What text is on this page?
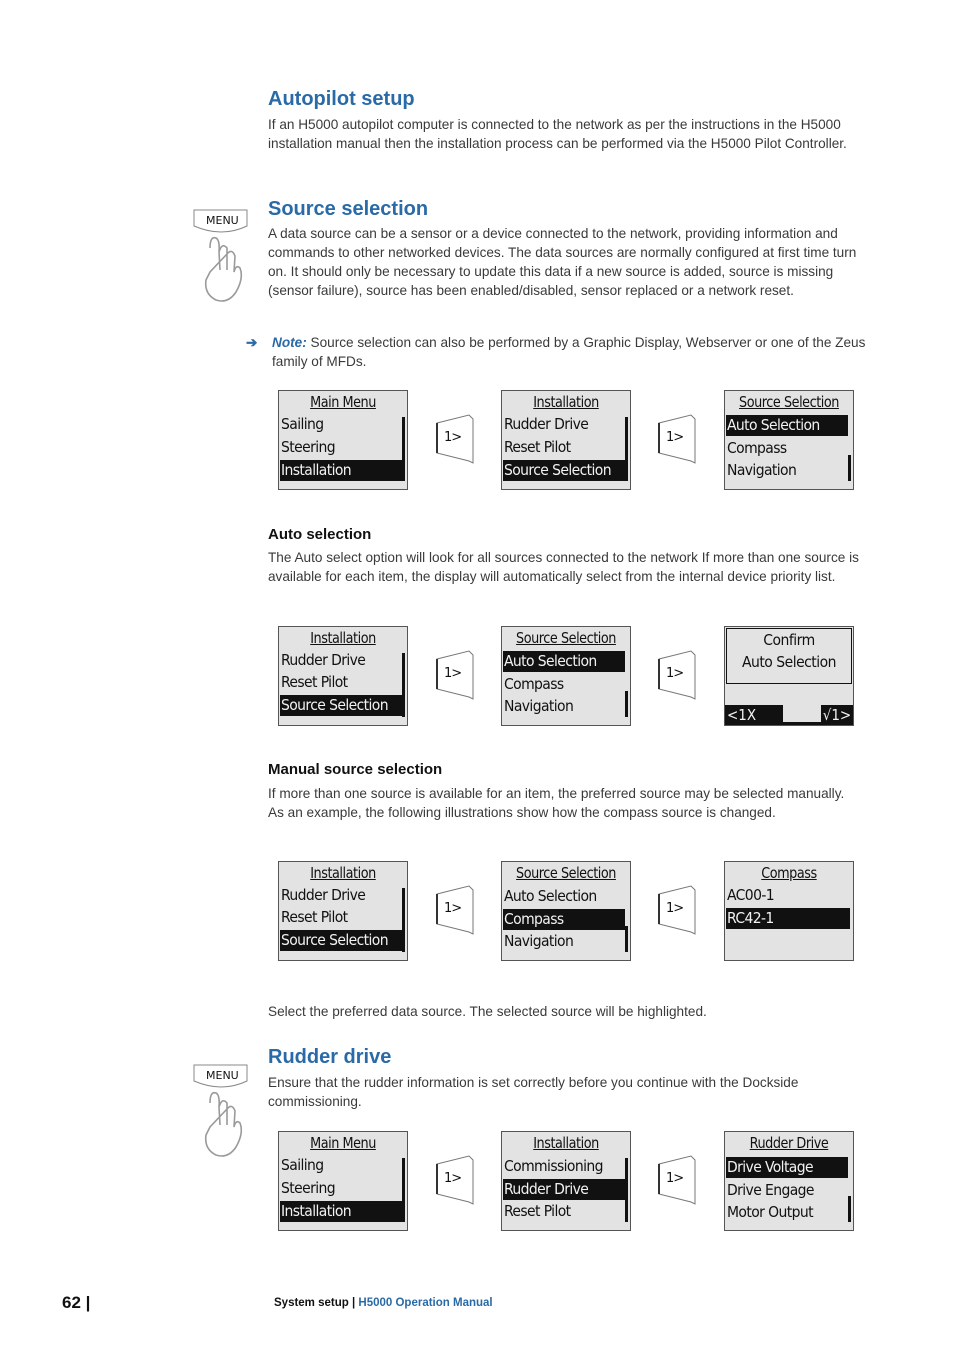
Autopilot setup

If an H5000 autopilot computer is connected to the network as per the instructions in the H5000 installation manual then the installation process can be performed via the H5000 Pilot Controller.

MENU
Source selection

A data source can be a sensor or a device connected to the network, providing information and commands to other networked devices. The data sources are normally configured at first time turn on. It should only be necessary to update this data if a new source is added, source is missing (sensor failure), source has been enabled/disabled, sensor replaced or a network reset.

➔ Note: Source selection can also be performed by a Graphic Display, Webserver or one of the Zeus family of MFDs.
Main Menu
Sailing
Steering
Installation
1>
Installation
Rudder Drive
Reset Pilot
Source Selection
1>
Source Selection
Auto Selection
Compass
Navigation
Auto selection

The Auto select option will look for all sources connected to the network If more than one source is available for each item, the display will automatically select from the internal device priority list.

Installation
Rudder Drive
Reset Pilot
Source Selection
1>
Source Selection
Auto Selection
Compass
Navigation
1>
Confirm
Auto Selection
<1X	√1>
Manual source selection

If more than one source is available for an item, the preferred source may be selected manually. As an example, the following illustrations show how the compass source is changed.

Installation
Rudder Drive
Reset Pilot
Source Selection
1>
Source Selection
Auto Selection
Compass
Navigation
1>
Compass
AC00-1
RC42-1

Select the preferred data source. The selected source will be highlighted.

MENU
Rudder drive

Ensure that the rudder information is set correctly before you continue with the Dockside commissioning.

Main Menu
Sailing
Steering
Installation
1>
Installation
Commissioning
Rudder Drive
Reset Pilot
1>
Rudder Drive
Drive Voltage
Drive Engage
Motor Output
62 |	System setup | H5000 Operation Manual
